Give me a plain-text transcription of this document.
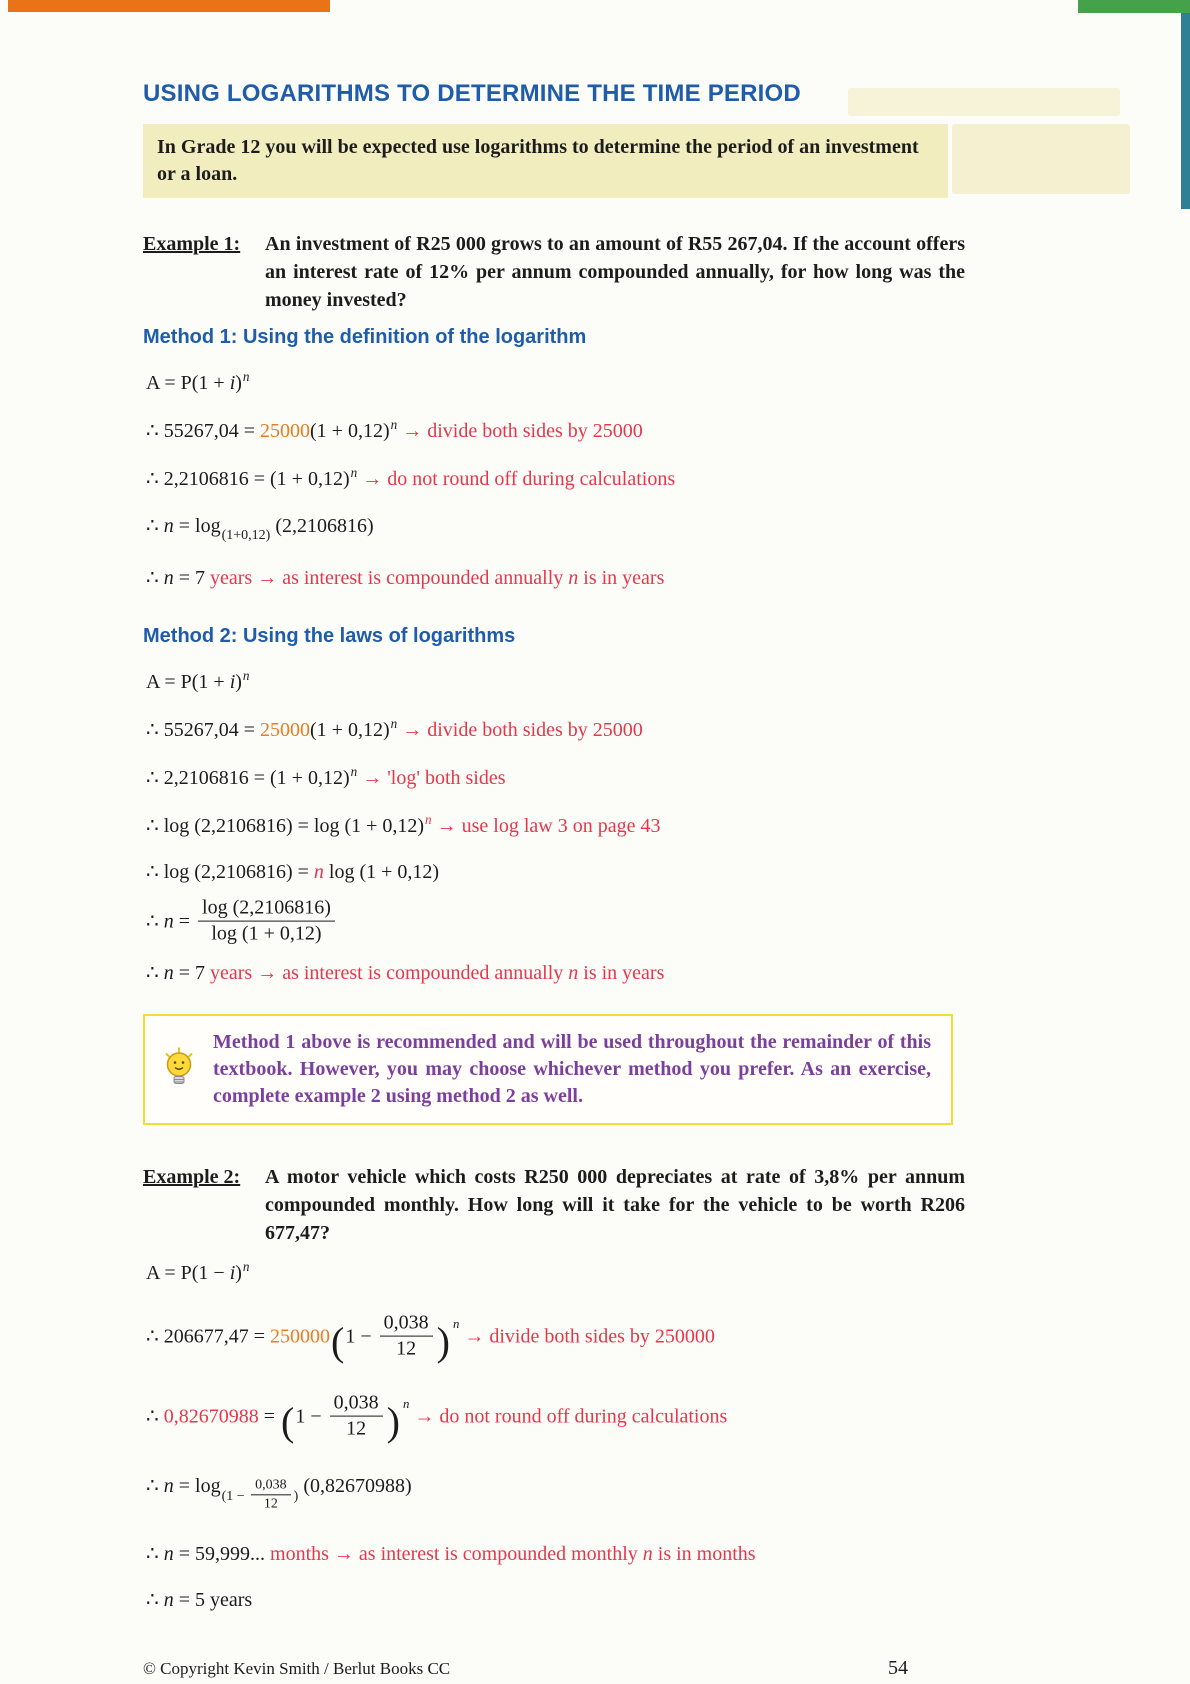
USING LOGARITHMS TO DETERMINE THE TIME PERIOD
In Grade 12 you will be expected use logarithms to determine the period of an investment or a loan.
Example 1:	An investment of R25 000 grows to an amount of R55 267,04. If the account offers an interest rate of 12% per annum compounded annually, for how long was the money invested?

Method 1: Using the definition of the logarithm
$A = P(1 + i)^n$
∴ $55267,04 = 25000(1 + 0,12)^n$ → divide both sides by 25000
∴ $2,2106816 = (1 + 0,12)^n$ → do not round off during calculations
∴ $n = \log_{(1+0,12)} (2,2106816)$
∴ n = 7 years → as interest is compounded annually n is in years
Method 2: Using the laws of logarithms
$A = P(1 + i)^n$
∴ $55267,04 = 25000(1 + 0,12)^n$ → divide both sides by 25000
∴ $2,2106816 = (1 + 0,12)^n$ → 'log' both sides
∴ $\log (2,2106816) = \log (1 + 0,12)^n$ → use log law 3 on page 43
∴ log (2,2106816) = n log (1 + 0,12)
∴ $n = \frac{\log (2,2106816)}{\log (1 + 0,12)}$
∴ n = 7 years → as interest is compounded annually n is in years

Method 1 above is recommended and will be used throughout the remainder of this textbook. However, you may choose whichever method you prefer. As an exercise, complete example 2 using method 2 as well.

Example 2:	A motor vehicle which costs R250 000 depreciates at rate of 3,8% per annum compounded monthly. How long will it take for the vehicle to be worth R206 677,47?

$A = P(1 - i)^n$
∴ $206677,47 = 250000(1 - \frac{0,038}{12}$ ) $^n$ → divide both sides by 250000
∴ $0,82670988 = (1 - \frac{0,038}{12}$ ) $^n$ → do not round off during calculations
∴ $n = \log_{(1 - \frac{0,038}{12} )} (0,82670988)$
∴ n = 59,999... months → as interest is compounded monthly n is in months
∴ n = 5 years
© Copyright Kevin Smith / Berlut Books CC	54
